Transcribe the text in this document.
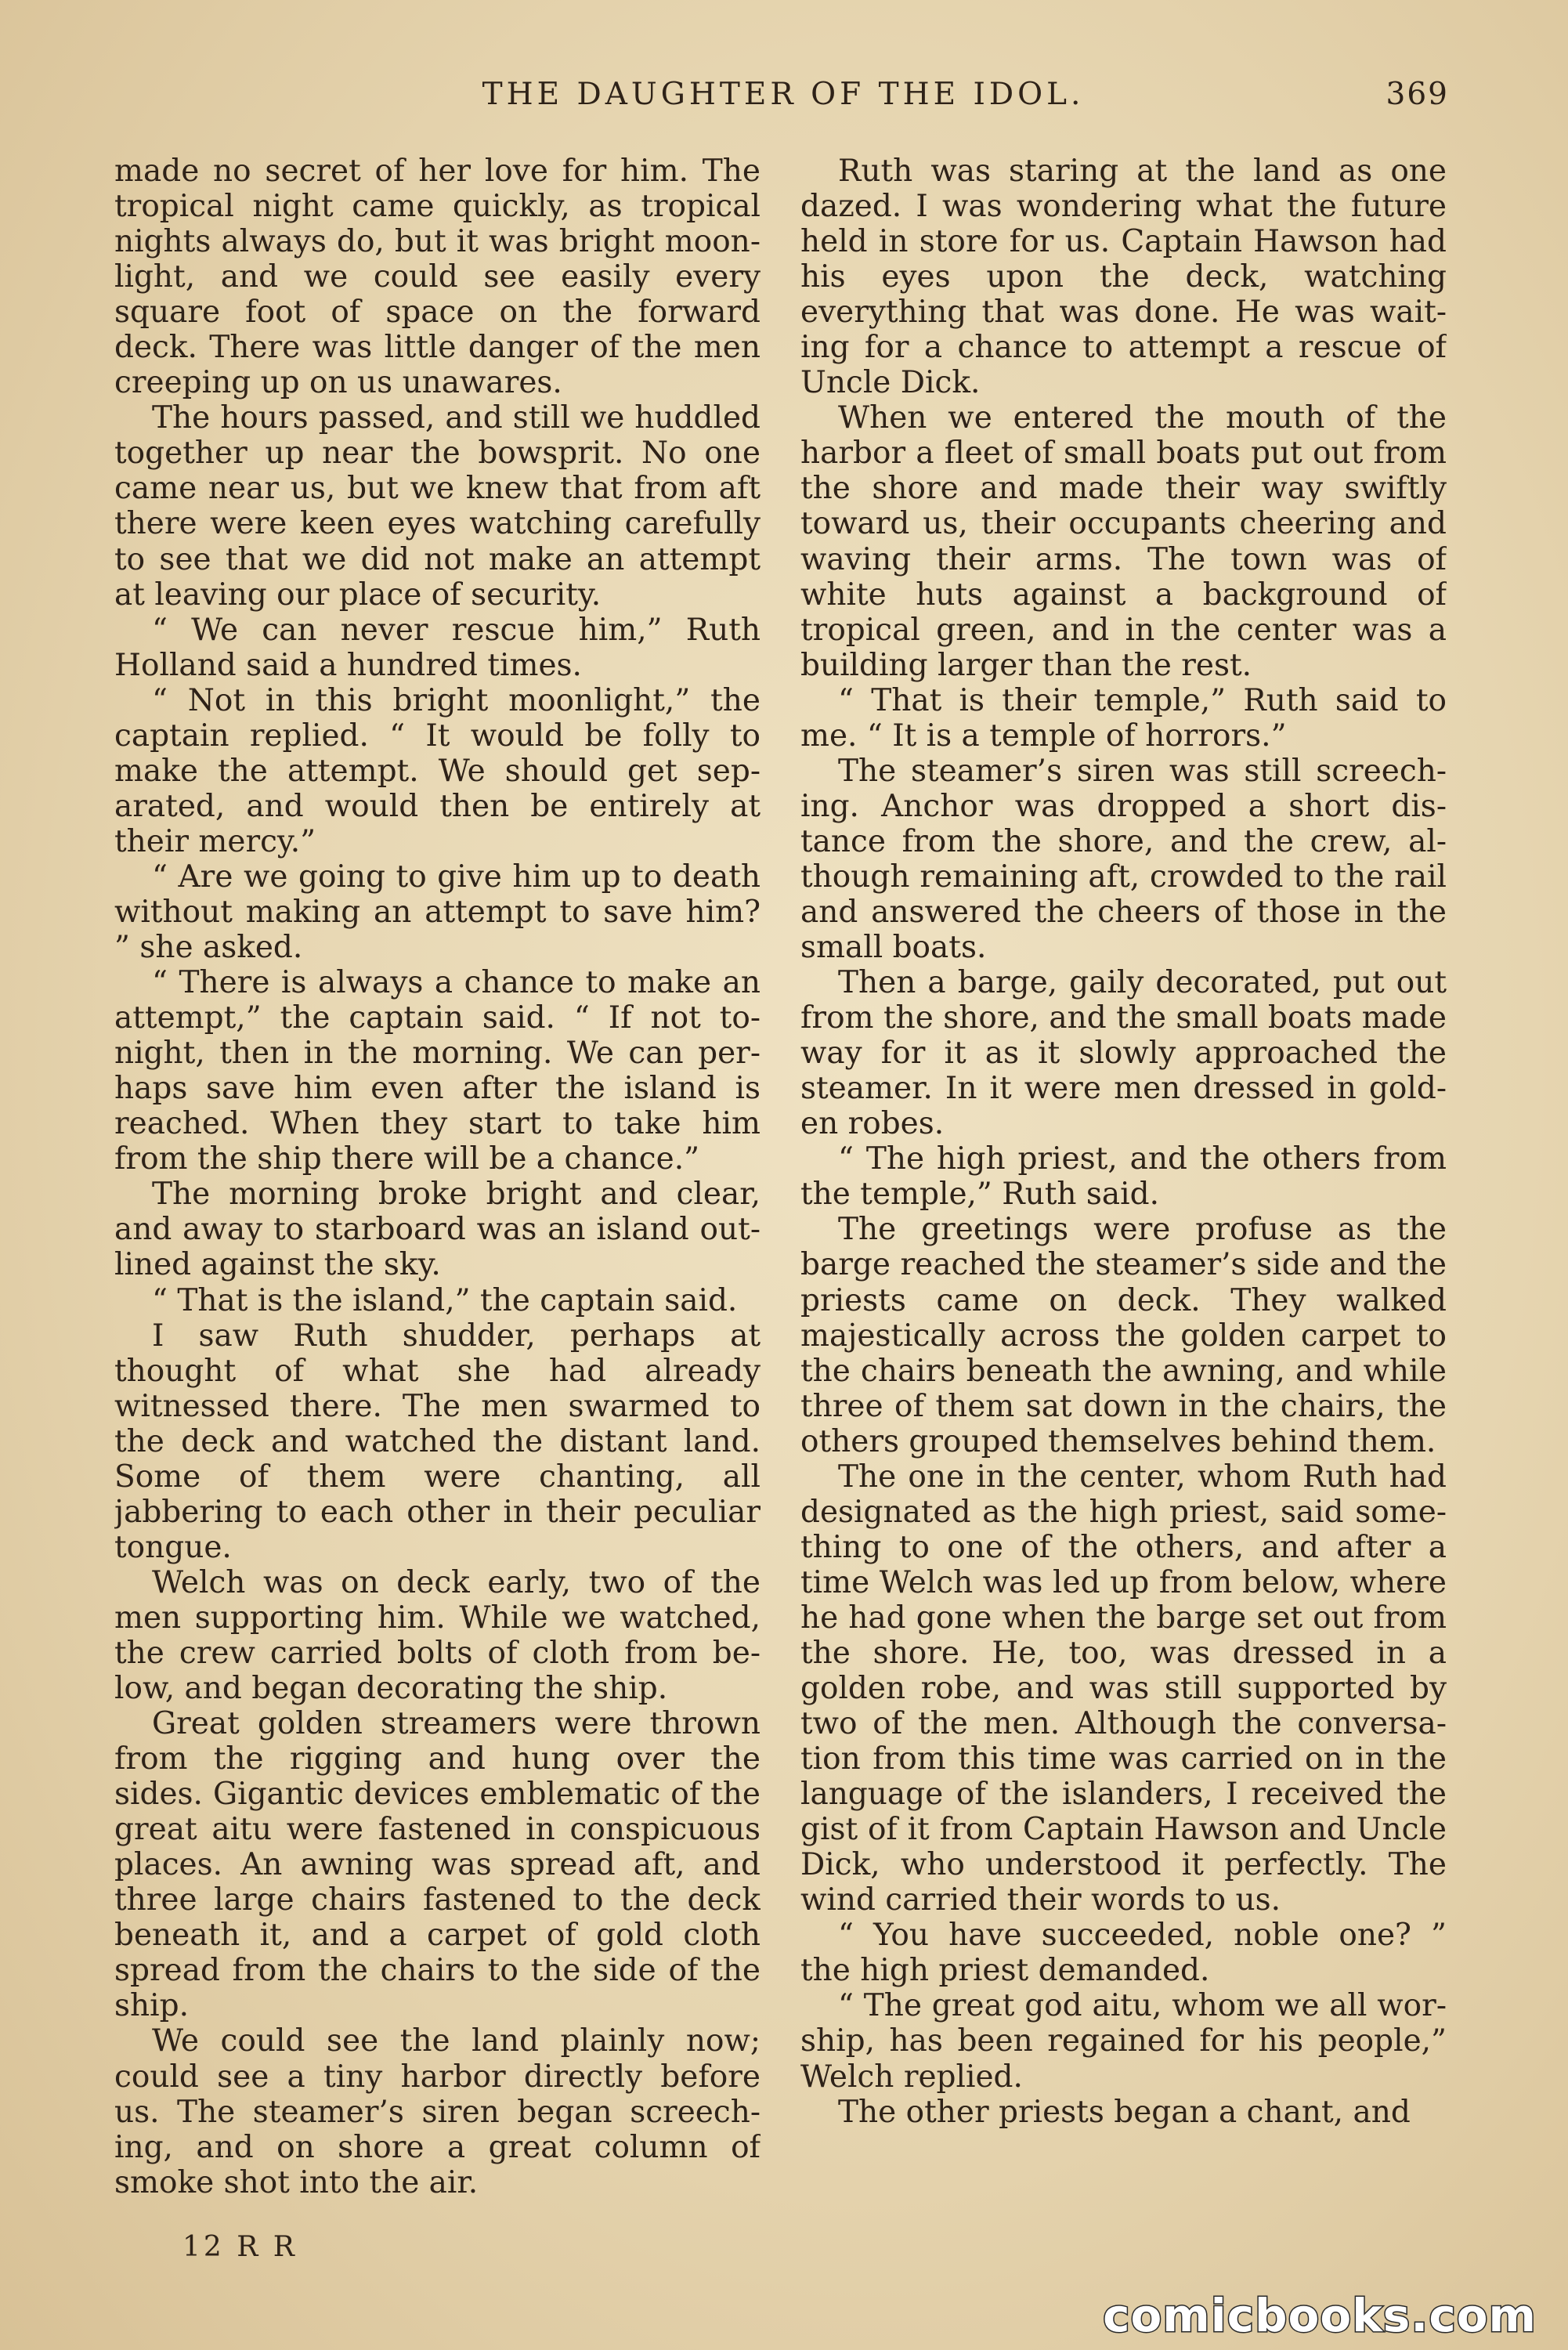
THE DAUGHTER OF THE IDOL.	369

made no secret of her love for him. The tropical night came quickly, as tropical nights always do, but it was bright moonlight, and we could see easily every square foot of space on the forward deck. There was little danger of the men creeping up on us unawares.

The hours passed, and still we huddled together up near the bowsprit. No one came near us, but we knew that from aft there were keen eyes watching carefully to see that we did not make an attempt at leaving our place of security.

“ We can never rescue him,” Ruth Holland said a hundred times.

“ Not in this bright moonlight,” the captain replied. “ It would be folly to make the attempt. We should get separated, and would then be entirely at their mercy.”

“ Are we going to give him up to death without making an attempt to save him? ” she asked.

“ There is always a chance to make an attempt,” the captain said. “ If not tonight, then in the morning. We can perhaps save him even after the island is reached. When they start to take him from the ship there will be a chance.”

The morning broke bright and clear, and away to starboard was an island outlined against the sky.

“ That is the island,” the captain said.

I saw Ruth shudder, perhaps at thought of what she had already witnessed there. The men swarmed to the deck and watched the distant land. Some of them were chanting, all jabbering to each other in their peculiar tongue.

Welch was on deck early, two of the men supporting him. While we watched, the crew carried bolts of cloth from below, and began decorating the ship.

Great golden streamers were thrown from the rigging and hung over the sides. Gigantic devices emblematic of the great aitu were fastened in conspicuous places. An awning was spread aft, and three large chairs fastened to the deck beneath it, and a carpet of gold cloth spread from the chairs to the side of the ship.

We could see the land plainly now; could see a tiny harbor directly before us. The steamer’s siren began screeching, and on shore a great column of smoke shot into the air.

Ruth was staring at the land as one dazed. I was wondering what the future held in store for us. Captain Hawson had his eyes upon the deck, watching everything that was done. He was waiting for a chance to attempt a rescue of Uncle Dick.

When we entered the mouth of the harbor a fleet of small boats put out from the shore and made their way swiftly toward us, their occupants cheering and waving their arms. The town was of white huts against a background of tropical green, and in the center was a building larger than the rest.

“ That is their temple,” Ruth said to me. “ It is a temple of horrors.”

The steamer’s siren was still screeching. Anchor was dropped a short distance from the shore, and the crew, although remaining aft, crowded to the rail and answered the cheers of those in the small boats.

Then a barge, gaily decorated, put out from the shore, and the small boats made way for it as it slowly approached the steamer. In it were men dressed in golden robes.

“ The high priest, and the others from the temple,” Ruth said.

The greetings were profuse as the barge reached the steamer’s side and the priests came on deck. They walked majestically across the golden carpet to the chairs beneath the awning, and while three of them sat down in the chairs, the others grouped themselves behind them.

The one in the center, whom Ruth had designated as the high priest, said something to one of the others, and after a time Welch was led up from below, where he had gone when the barge set out from the shore. He, too, was dressed in a golden robe, and was still supported by two of the men. Although the conversation from this time was carried on in the language of the islanders, I received the gist of it from Captain Hawson and Uncle Dick, who understood it perfectly. The wind carried their words to us.

“ You have succeeded, noble one? ” the high priest demanded.

“ The great god aitu, whom we all worship, has been regained for his people,” Welch replied.

The other priests began a chant, and

12 R R
comicbooks.com
